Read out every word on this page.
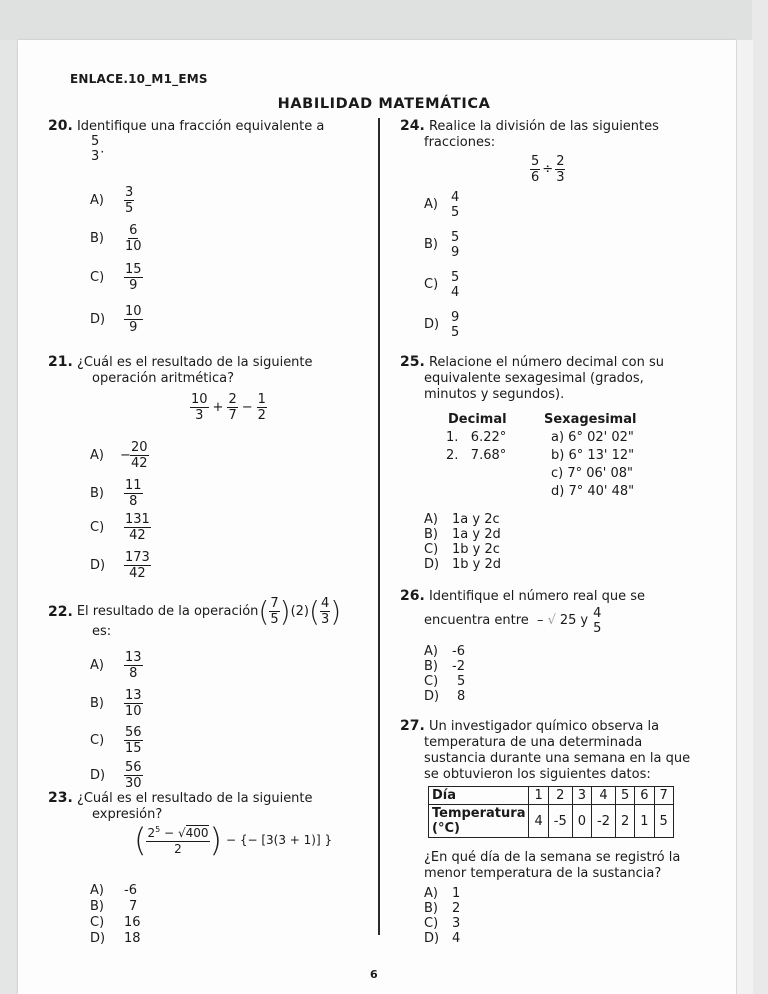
ENLACE.10_M1_EMS
HABILIDAD MATEMÁTICA
6
20. Identifique una fracción equivalente a
5
3 .
A)	$\frac{3}{5}$
B)	$\frac{6}{10}$
C)	$\frac{15}{9}$
D)	$\frac{10}{9}$
21. ¿Cuál es el resultado de la siguiente
operación aritmética?
$\frac{10}{3} + \frac{2}{7} - \frac{1}{2}$
A)	− $\frac{20}{42}$
B)	$\frac{11}{8}$
C)	$\frac{131}{42}$
D)	$\frac{173}{42}$
22. El resultado de la operación ( $\frac{7}{5}$ ) (2) ( $\frac{4}{3}$ )
es:
A)	$\frac{13}{8}$
B)	$\frac{13}{10}$
C)	$\frac{56}{15}$
D)	$\frac{56}{30}$
23. ¿Cuál es el resultado de la siguiente
expresión?
( $\frac{2^5 - √400}{2}$ ) − {− [3(3 + 1)] }
A)	-6
B)	7
C)	16
D)	18
24. Realice la división de las siguientes
fracciones:
$\frac{5}{6} \div \frac{2}{3}$
A)	4
5
B)	5
9
C) 5
4
D) 9
5
25. Relacione el número decimal con su
equivalente sexagesimal (grados,
minutos y segundos).
Decimal	Sexagesimal
1.   6.22°
2.   7.68°
a) 6° 02' 02"
b) 6° 13' 12"
c) 7° 06' 08"
d) 7° 40' 48"
A)	1a y 2c
B)	1a y 2d
C)	1b y 2c
D) 1b y 2d
26. Identifique el número real que se
encuentra entre  – √ 25 y 4
5
A)	-6
B)	-2
C)	5
D)	8
27. Un investigador químico observa la
temperatura de una determinada
sustancia durante una semana en la que
se obtuvieron los siguientes datos:
Día	1	2	3	4	5	6	7
Temperatura
(°C)	4	-5	0	-2	2	1	5
¿En qué día de la semana se registró la
menor temperatura de la sustancia?
A)	1
B)	2
C)	3
D) 4
